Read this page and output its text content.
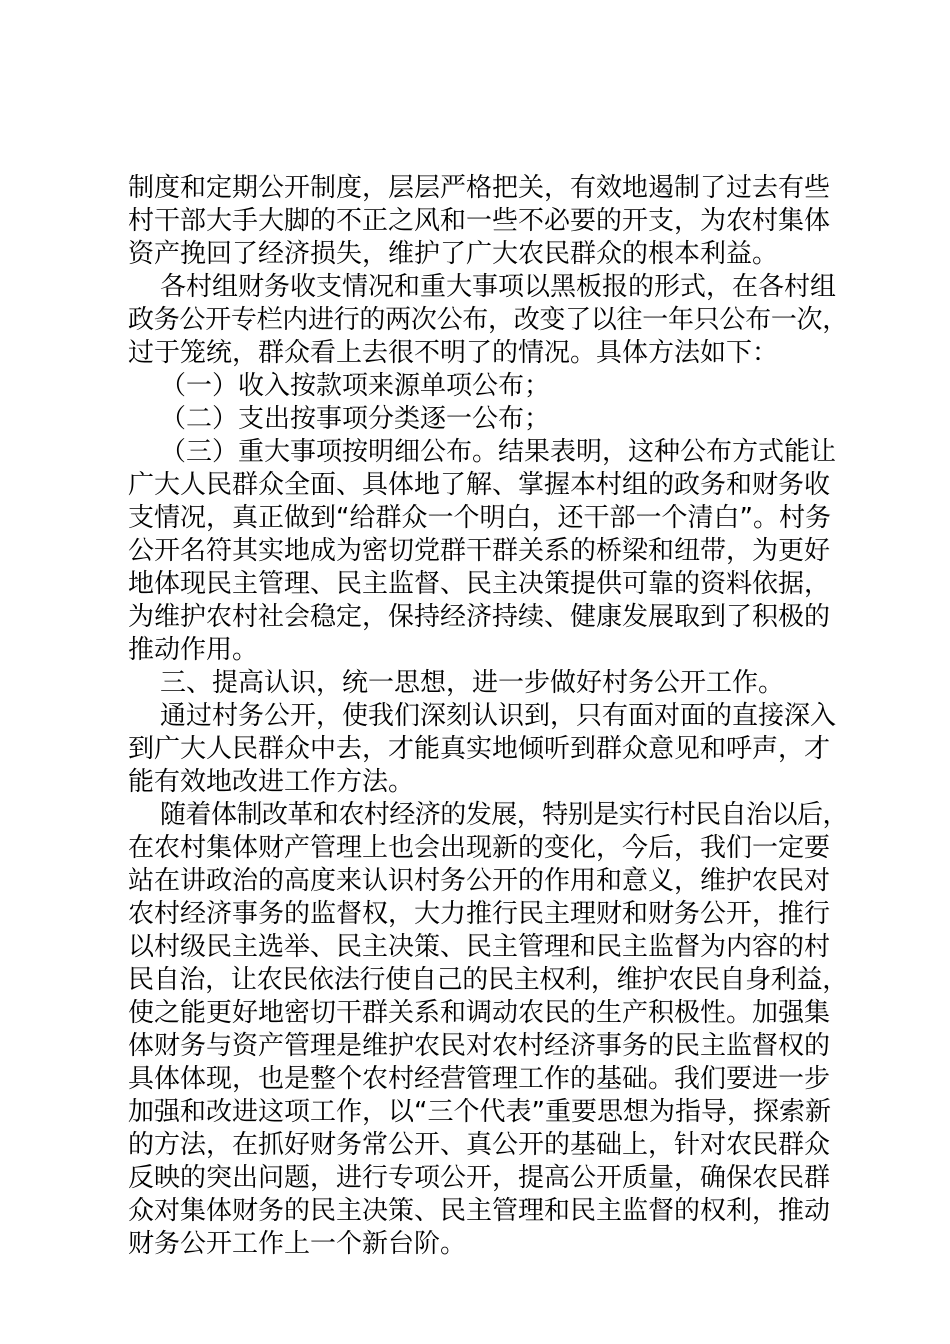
制度和定期公开制度，层层严格把关，有效地遏制了过去有些
村干部大手大脚的不正之风和一些不必要的开支，为农村集体
资产挽回了经济损失，维护了广大农民群众的根本利益。
各村组财务收支情况和重大事项以黑板报的形式，在各村组
政务公开专栏内进行的两次公布，改变了以往一年只公布一次，
过于笼统，群众看上去很不明了的情况。具体方法如下：
（一）收入按款项来源单项公布；
（二）支出按事项分类逐一公布；
（三）重大事项按明细公布。结果表明，这种公布方式能让
广大人民群众全面、具体地了解、掌握本村组的政务和财务收
支情况，真正做到“给群众一个明白，还干部一个清白”。村务
公开名符其实地成为密切党群干群关系的桥梁和纽带，为更好
地体现民主管理、民主监督、民主决策提供可靠的资料依据，
为维护农村社会稳定，保持经济持续、健康发展取到了积极的
推动作用。
三、提高认识，统一思想，进一步做好村务公开工作。
通过村务公开，使我们深刻认识到，只有面对面的直接深入
到广大人民群众中去，才能真实地倾听到群众意见和呼声，才
能有效地改进工作方法。
随着体制改革和农村经济的发展，特别是实行村民自治以后，
在农村集体财产管理上也会出现新的变化，今后，我们一定要
站在讲政治的高度来认识村务公开的作用和意义，维护农民对
农村经济事务的监督权，大力推行民主理财和财务公开，推行
以村级民主选举、民主决策、民主管理和民主监督为内容的村
民自治，让农民依法行使自己的民主权利，维护农民自身利益，
使之能更好地密切干群关系和调动农民的生产积极性。加强集
体财务与资产管理是维护农民对农村经济事务的民主监督权的
具体体现，也是整个农村经营管理工作的基础。我们要进一步
加强和改进这项工作，以“三个代表”重要思想为指导，探索新
的方法，在抓好财务常公开、真公开的基础上，针对农民群众
反映的突出问题，进行专项公开，提高公开质量，确保农民群
众对集体财务的民主决策、民主管理和民主监督的权利，推动
财务公开工作上一个新台阶。
